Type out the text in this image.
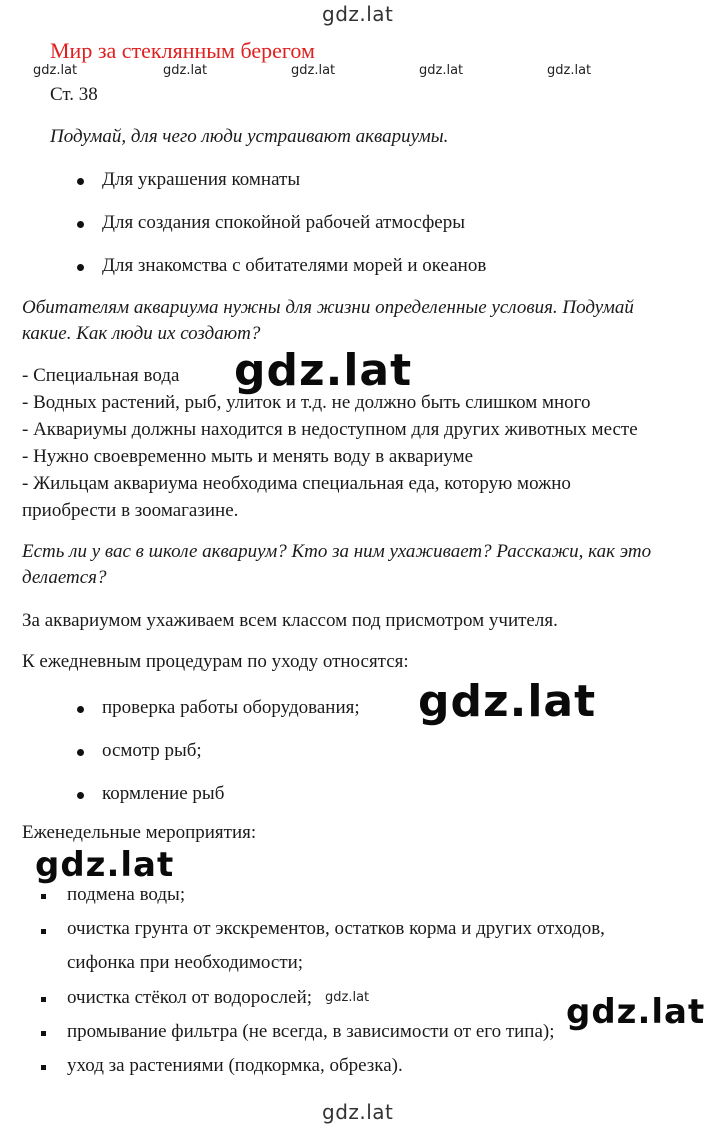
gdz.lat
Мир за стеклянным берегом
gdz.lat	gdz.lat	gdz.lat	gdz.lat	gdz.lat
Ст. 38
Подумай, для чего люди устраивают аквариумы.
Для украшения комнаты
Для создания спокойной рабочей атмосферы
Для знакомства с обитателями морей и океанов
Обитателям аквариума нужны для жизни определенные условия. Подумай
какие. Как люди их создают?
- Специальная вода
- Водных растений, рыб, улиток и т.д. не должно быть слишком много
- Аквариумы должны находится в недоступном для других животных месте
- Нужно своевременно мыть и менять воду в аквариуме
- Жильцам аквариума необходима специальная еда, которую можно
приобрести в зоомагазине.
gdz.lat
Есть ли у вас в школе аквариум? Кто за ним ухаживает? Расскажи, как это
делается?
За аквариумом ухаживаем всем классом под присмотром учителя.
К ежедневным процедурам по уходу относятся:
проверка работы оборудования;
осмотр рыб;
кормление рыб
gdz.lat
Еженедельные мероприятия:
gdz.lat
подмена воды;
очистка грунта от экскрементов, остатков корма и других отходов,
сифонка при необходимости;
очистка стёкол от водорослей; gdz.lat
промывание фильтра (не всегда, в зависимости от его типа);
уход за растениями (подкормка, обрезка).
gdz.lat
gdz.lat
